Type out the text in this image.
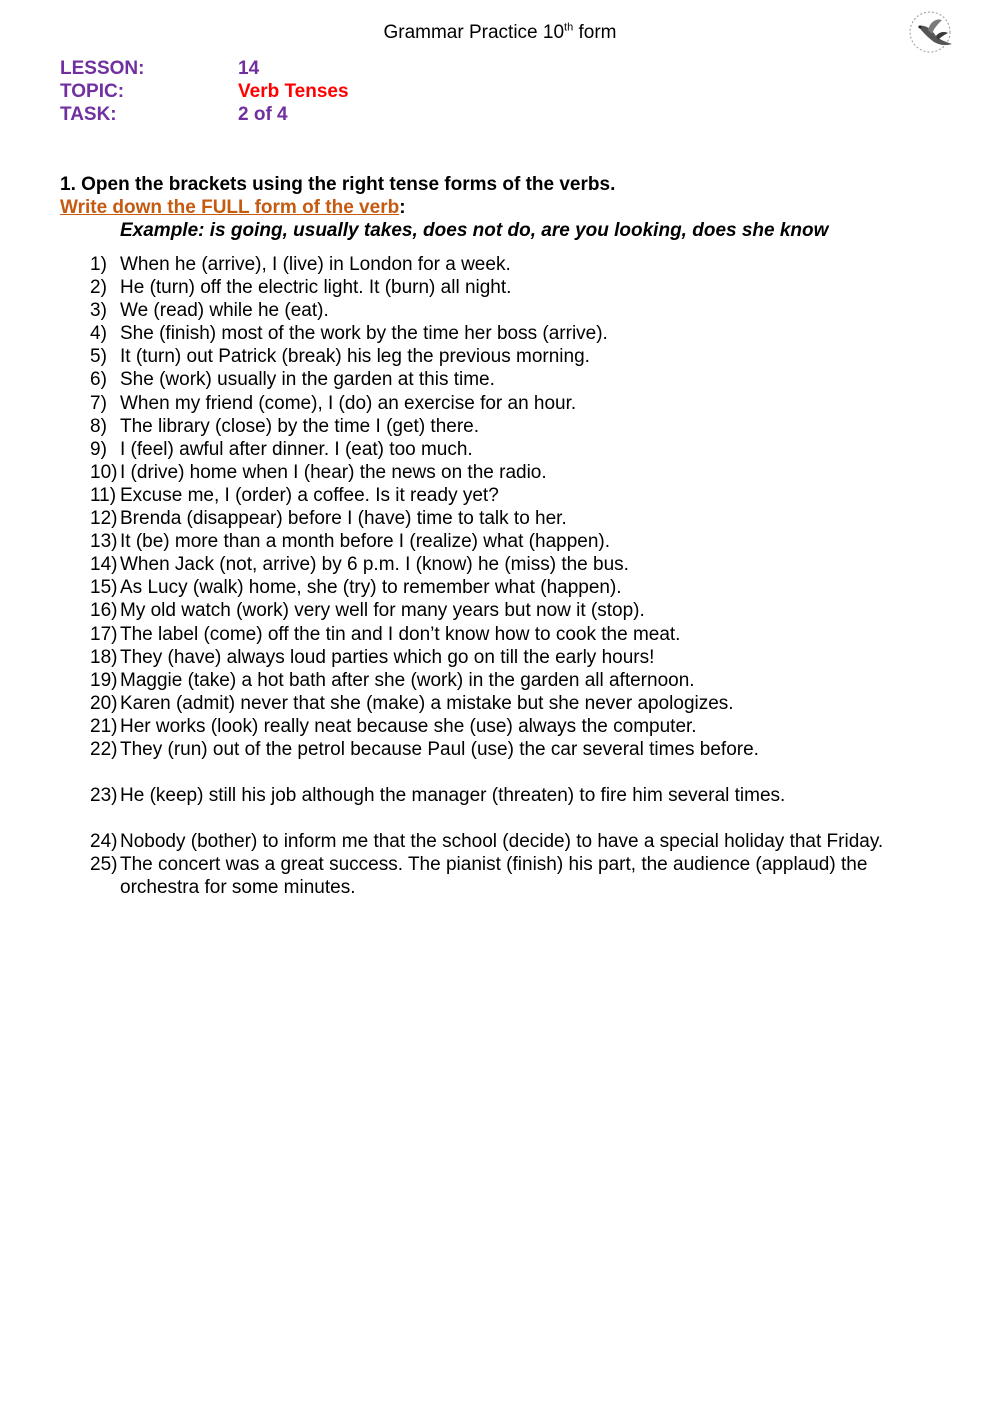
Grammar Practice 10th form
LESSON:	14
TOPIC:	Verb Tenses
TASK:	2 of 4
1. Open the brackets using the right tense forms of the verbs.
Write down the FULL form of the verb:
Example: is going, usually takes, does not do, are you looking, does she know
1) When he (arrive), I (live) in London for a week.
2) He (turn) off the electric light. It (burn) all night.
3) We (read) while he (eat).
4) She (finish) most of the work by the time her boss (arrive).
5) It (turn) out Patrick (break) his leg the previous morning.
6) She (work) usually in the garden at this time.
7) When my friend (come), I (do) an exercise for an hour.
8) The library (close) by the time I (get) there.
9) I (feel) awful after dinner. I (eat) too much.
10) I (drive) home when I (hear) the news on the radio.
11) Excuse me, I (order) a coffee. Is it ready yet?
12) Brenda (disappear) before I (have) time to talk to her.
13) It (be) more than a month before I (realize) what (happen).
14) When Jack (not, arrive) by 6 p.m. I (know) he (miss) the bus.
15) As Lucy (walk) home, she (try) to remember what (happen).
16) My old watch (work) very well for many years but now it (stop).
17) The label (come) off the tin and I don’t know how to cook the meat.
18) They (have) always loud parties which go on till the early hours!
19) Maggie (take) a hot bath after she (work) in the garden all afternoon.
20) Karen (admit) never that she (make) a mistake but she never apologizes.
21) Her works (look) really neat because she (use) always the computer.
22) They (run) out of the petrol because Paul (use) the car several times before.
23) He (keep) still his job although the manager (threaten) to fire him several times.
24) Nobody (bother) to inform me that the school (decide) to have a special holiday that Friday.
25) The concert was a great success. The pianist (finish) his part, the audience (applaud) the orchestra for some minutes.
